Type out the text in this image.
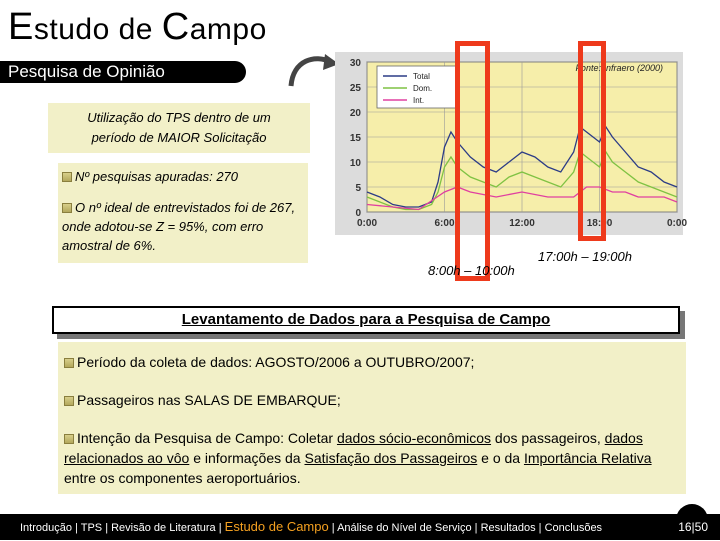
Estudo de Campo
Pesquisa de Opinião
Utilização do TPS dentro de um
período de MAIOR Solicitação
Nº pesquisas apuradas: 270
O nº ideal de entrevistados foi de 267, onde adotou-se Z = 95%, com erro amostral de 6%.
0
5
10
15
20
25
30
0:00	6:00	12:00	18:00	0:00
Fonte: Infraero (2000)
Total
Dom.
Int.
17:00h – 19:00h
8:00h – 10:00h
Levantamento de Dados para a Pesquisa de Campo

Período da coleta de dados: AGOSTO/2006 a OUTUBRO/2007;

Passageiros nas SALAS DE EMBARQUE;

Intenção da Pesquisa de Campo: Coletar dados sócio-econômicos dos passageiros, dados relacionados ao vôo e informações da Satisfação dos Passageiros e o da Importância Relativa entre os componentes aeroportuários.

Introdução | TPS | Revisão de Literatura | Estudo de Campo | Análise do Nível de Serviço | Resultados | Conclusões	16|50
